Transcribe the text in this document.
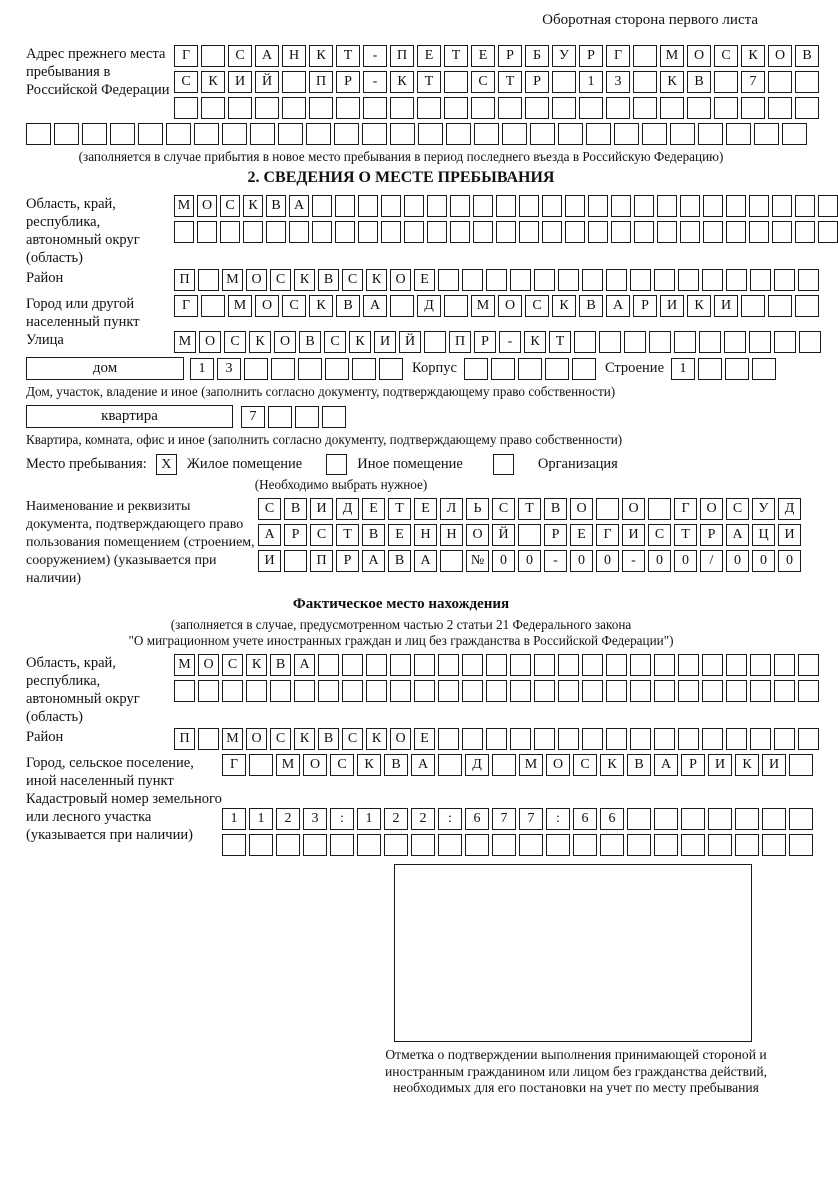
Оборотная сторона первого листа
Адрес прежнего места пребывания в Российской Федерации
Г	С	А	Н	К	Т	-	П	Е	Т	Е	Р	Б	У	Р	Г	М	О	С	К	О	В
С	К	И	Й	П	Р	-	К	Т	С	Т	Р	1	3	К	В	7
(заполняется в случае прибытия в новое место пребывания в период последнего въезда в Российскую Федерацию)
2. СВЕДЕНИЯ О МЕСТЕ ПРЕБЫВАНИЯ
Область, край, республика, автономный округ (область)
М О С К В А
Район	П	М О	С	К	В	С	К	О	Е
Город или другой населенный пункт
Г	М	О	С	К	В	А	Д	М	О	С	К	В	А	Р	И	К	И
Улица	М О	С	К	О	В	С	К	И	Й	П	Р	-	К	Т
дом	1	3	Корпус	Строение	1
Дом, участок, владение и иное (заполнить согласно документу, подтверждающему право собственности)
квартира	7
Квартира, комната, офис и иное (заполнить согласно документу, подтверждающему право собственности)
Место пребывания:	X	Жилое помещение	Иное помещение	Организация
(Необходимо выбрать нужное)
Наименование и реквизиты документа, подтверждающего право пользования помещением (строением, сооружением) (указывается при наличии)
С	В	И	Д	Е	Т	Е	Л	Ь	С	Т	В	О	О	Г	О	С	У	Д
А	Р	С	Т	В	Е	Н	Н	О	Й	Р	Е	Г	И	С	Т	Р	А	Ц	И
И	П	Р	А	В	А	№	0	0	-	0	0	-	0	0	/	0	0	0
Фактическое место нахождения
(заполняется в случае, предусмотренном частью 2 статьи 21 Федерального закона
"О миграционном учете иностранных граждан и лиц без гражданства в Российской Федерации")
Область, край, республика, автономный округ (область)
М О	С	К	В	А
Район	П	М О	С	К	В	С	К	О	Е
Город, сельское поселение, иной населенный пункт
Г	М	О	С	К	В	А	Д	М	О	С	К	В	А	Р	И	К	И
Кадастровый номер земельного или лесного участка (указывается при наличии)
1	1	2	3	:	1	2	2	:	6	7	7	:	6	6
Отметка о подтверждении выполнения принимающей стороной и иностранным гражданином или лицом без гражданства действий, необходимых для его постановки на учет по месту пребывания
